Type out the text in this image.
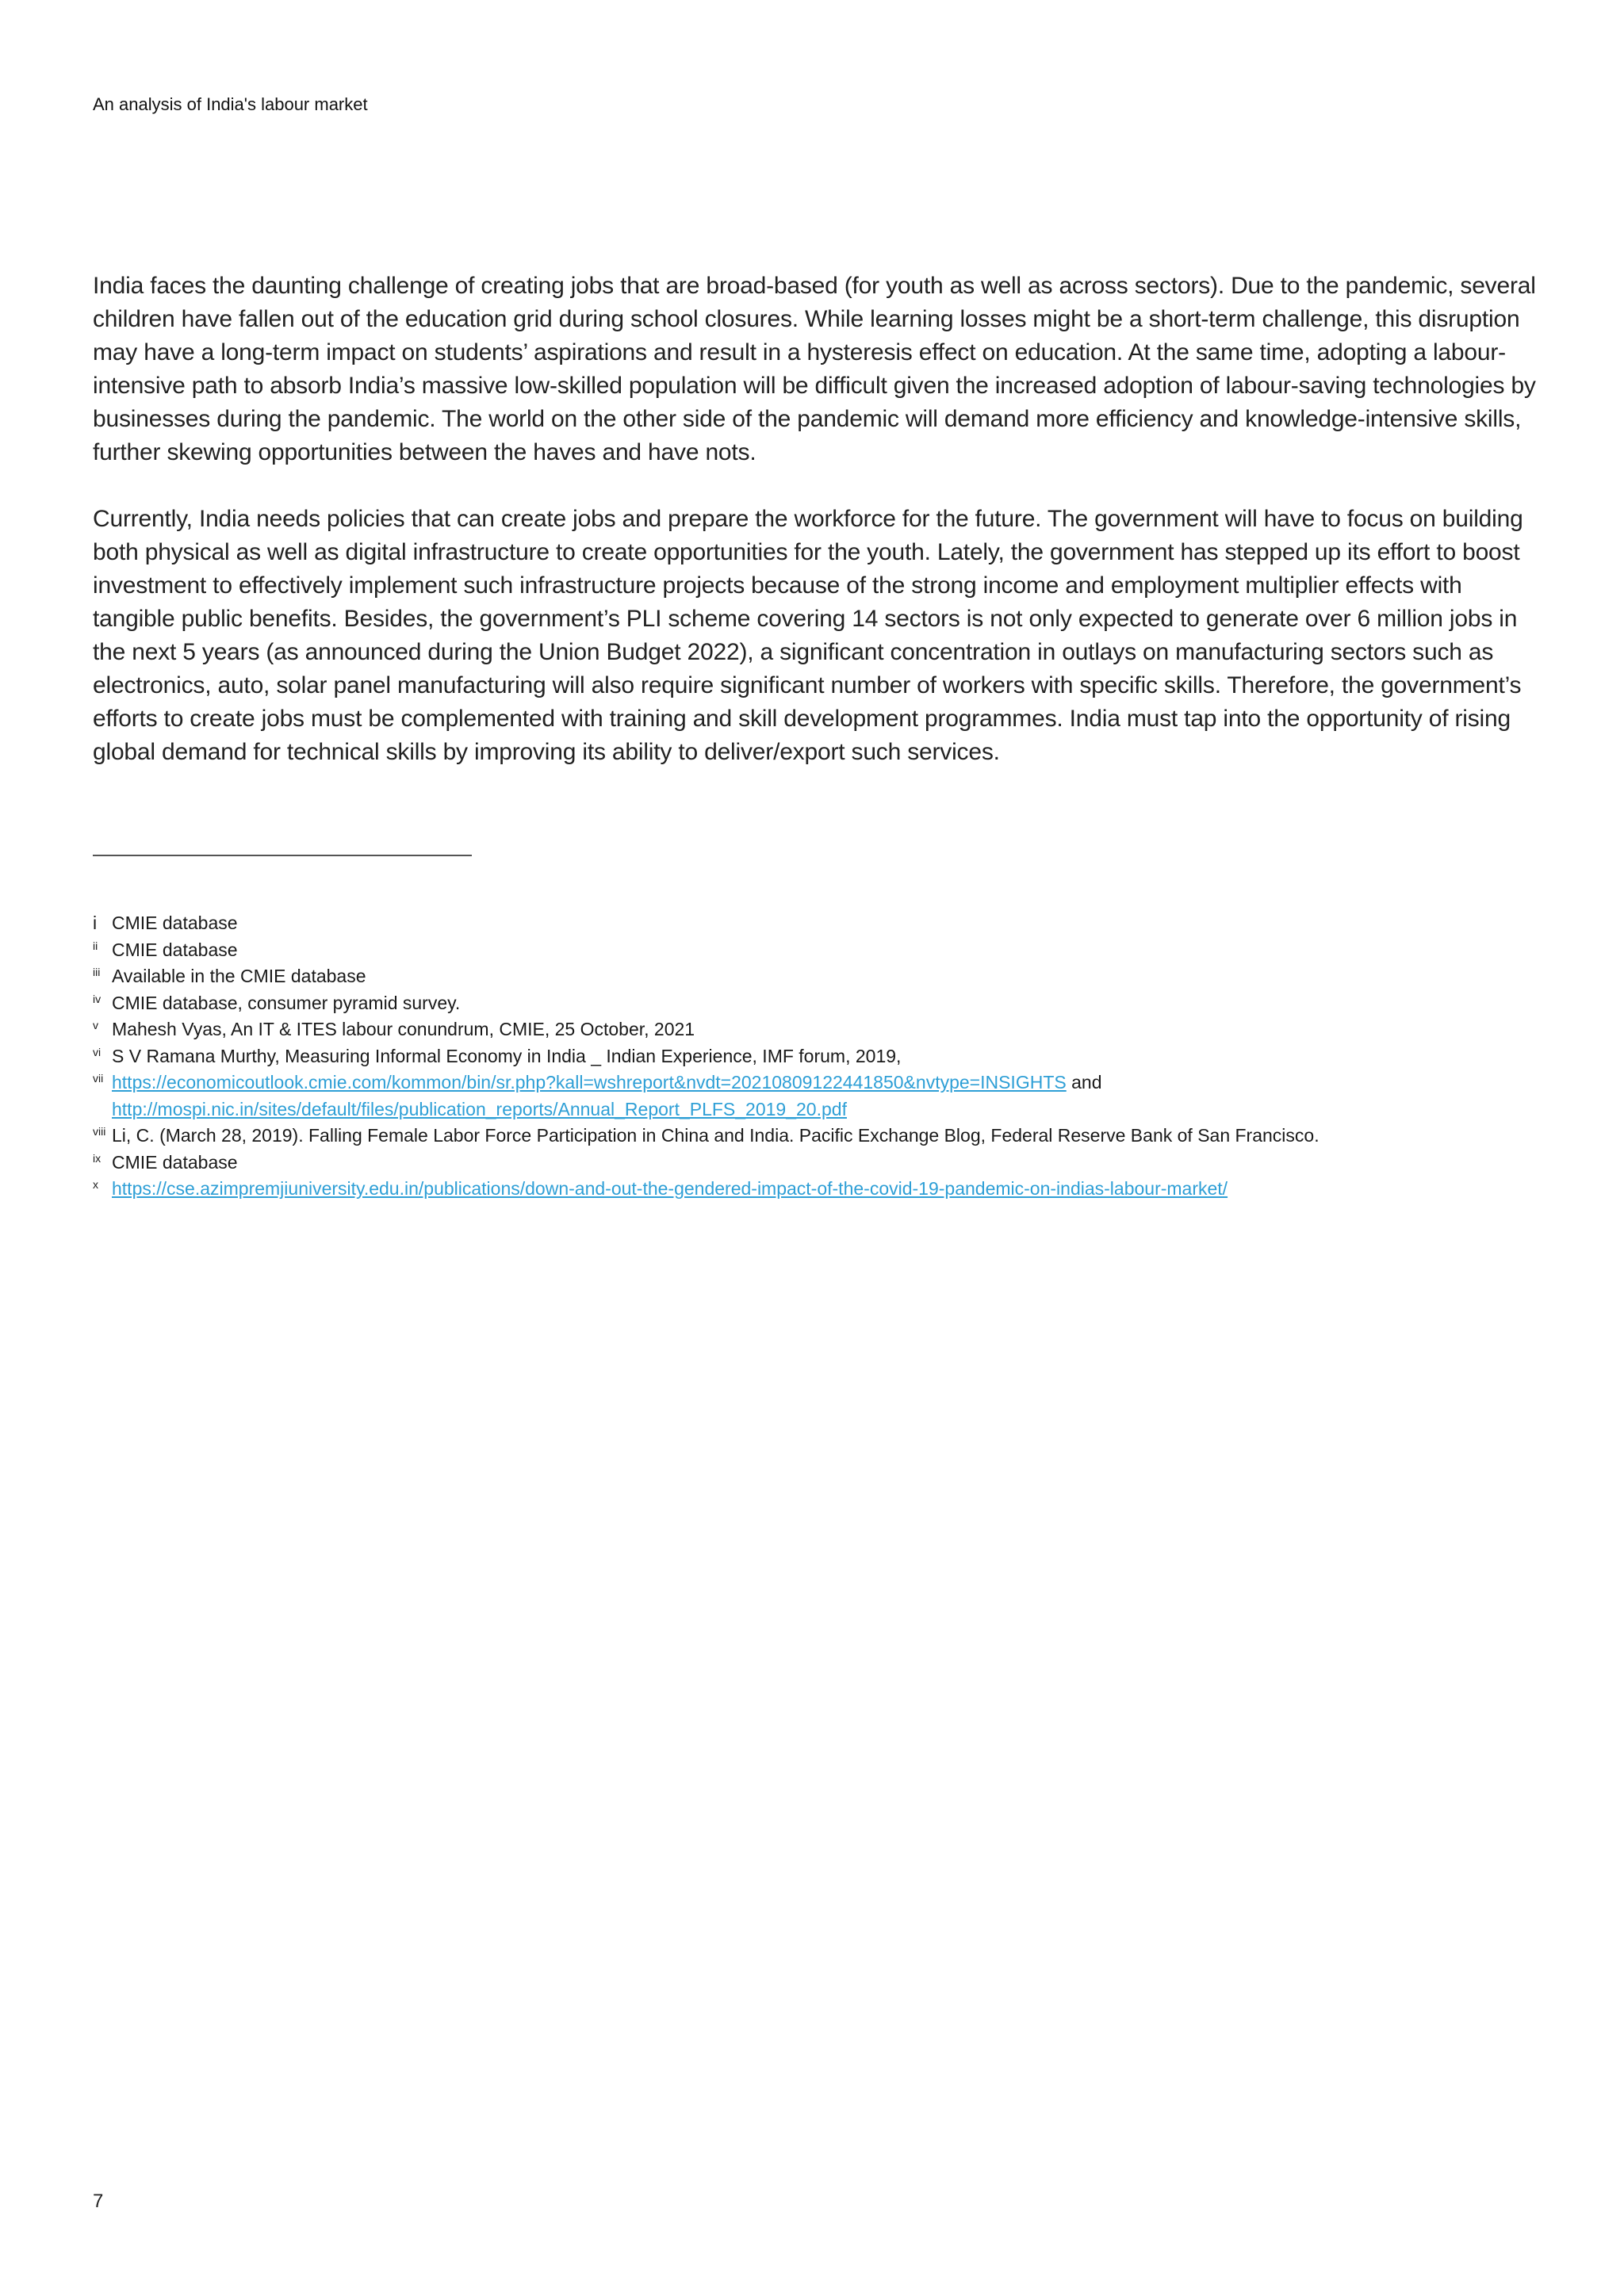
An analysis of India's labour market

India faces the daunting challenge of creating jobs that are broad-based (for youth as well as across sectors). Due to the pandemic, several children have fallen out of the education grid during school closures. While learning losses might be a short-term challenge, this disruption may have a long-term impact on students’ aspirations and result in a hysteresis effect on education. At the same time, adopting a labour-intensive path to absorb India’s massive low-skilled population will be difficult given the increased adoption of labour-saving technologies by businesses during the pandemic. The world on the other side of the pandemic will demand more efficiency and knowledge-intensive skills, further skewing opportunities between the haves and have nots.

Currently, India needs policies that can create jobs and prepare the workforce for the future. The government will have to focus on building both physical as well as digital infrastructure to create opportunities for the youth. Lately, the government has stepped up its effort to boost investment to effectively implement such infrastructure projects because of the strong income and employment multiplier effects with tangible public benefits. Besides, the government’s PLI scheme covering 14 sectors is not only expected to generate over 6 million jobs in the next 5 years (as announced during the Union Budget 2022), a significant concentration in outlays on manufacturing sectors such as electronics, auto, solar panel manufacturing will also require significant number of workers with specific skills. Therefore, the government’s efforts to create jobs must be complemented with training and skill development programmes. India must tap into the opportunity of rising global demand for technical skills by improving its ability to deliver/export such services.

i CMIE database
ii CMIE database
iii Available in the CMIE database
iv CMIE database, consumer pyramid survey.
v Mahesh Vyas, An IT & ITES labour conundrum, CMIE, 25 October, 2021
vi S V Ramana Murthy, Measuring Informal Economy in India _ Indian Experience, IMF forum, 2019,
vii https://economicoutlook.cmie.com/kommon/bin/sr.php?kall=wshreport&nvdt=20210809122441850&nvtype=INSIGHTS and
http://mospi.nic.in/sites/default/files/publication_reports/Annual_Report_PLFS_2019_20.pdf
viii Li, C. (March 28, 2019). Falling Female Labor Force Participation in China and India. Pacific Exchange Blog, Federal Reserve Bank of San Francisco.
ix CMIE database
x https://cse.azimpremjiuniversity.edu.in/publications/down-and-out-the-gendered-impact-of-the-covid-19-pandemic-on-indias-labour-market/
7
